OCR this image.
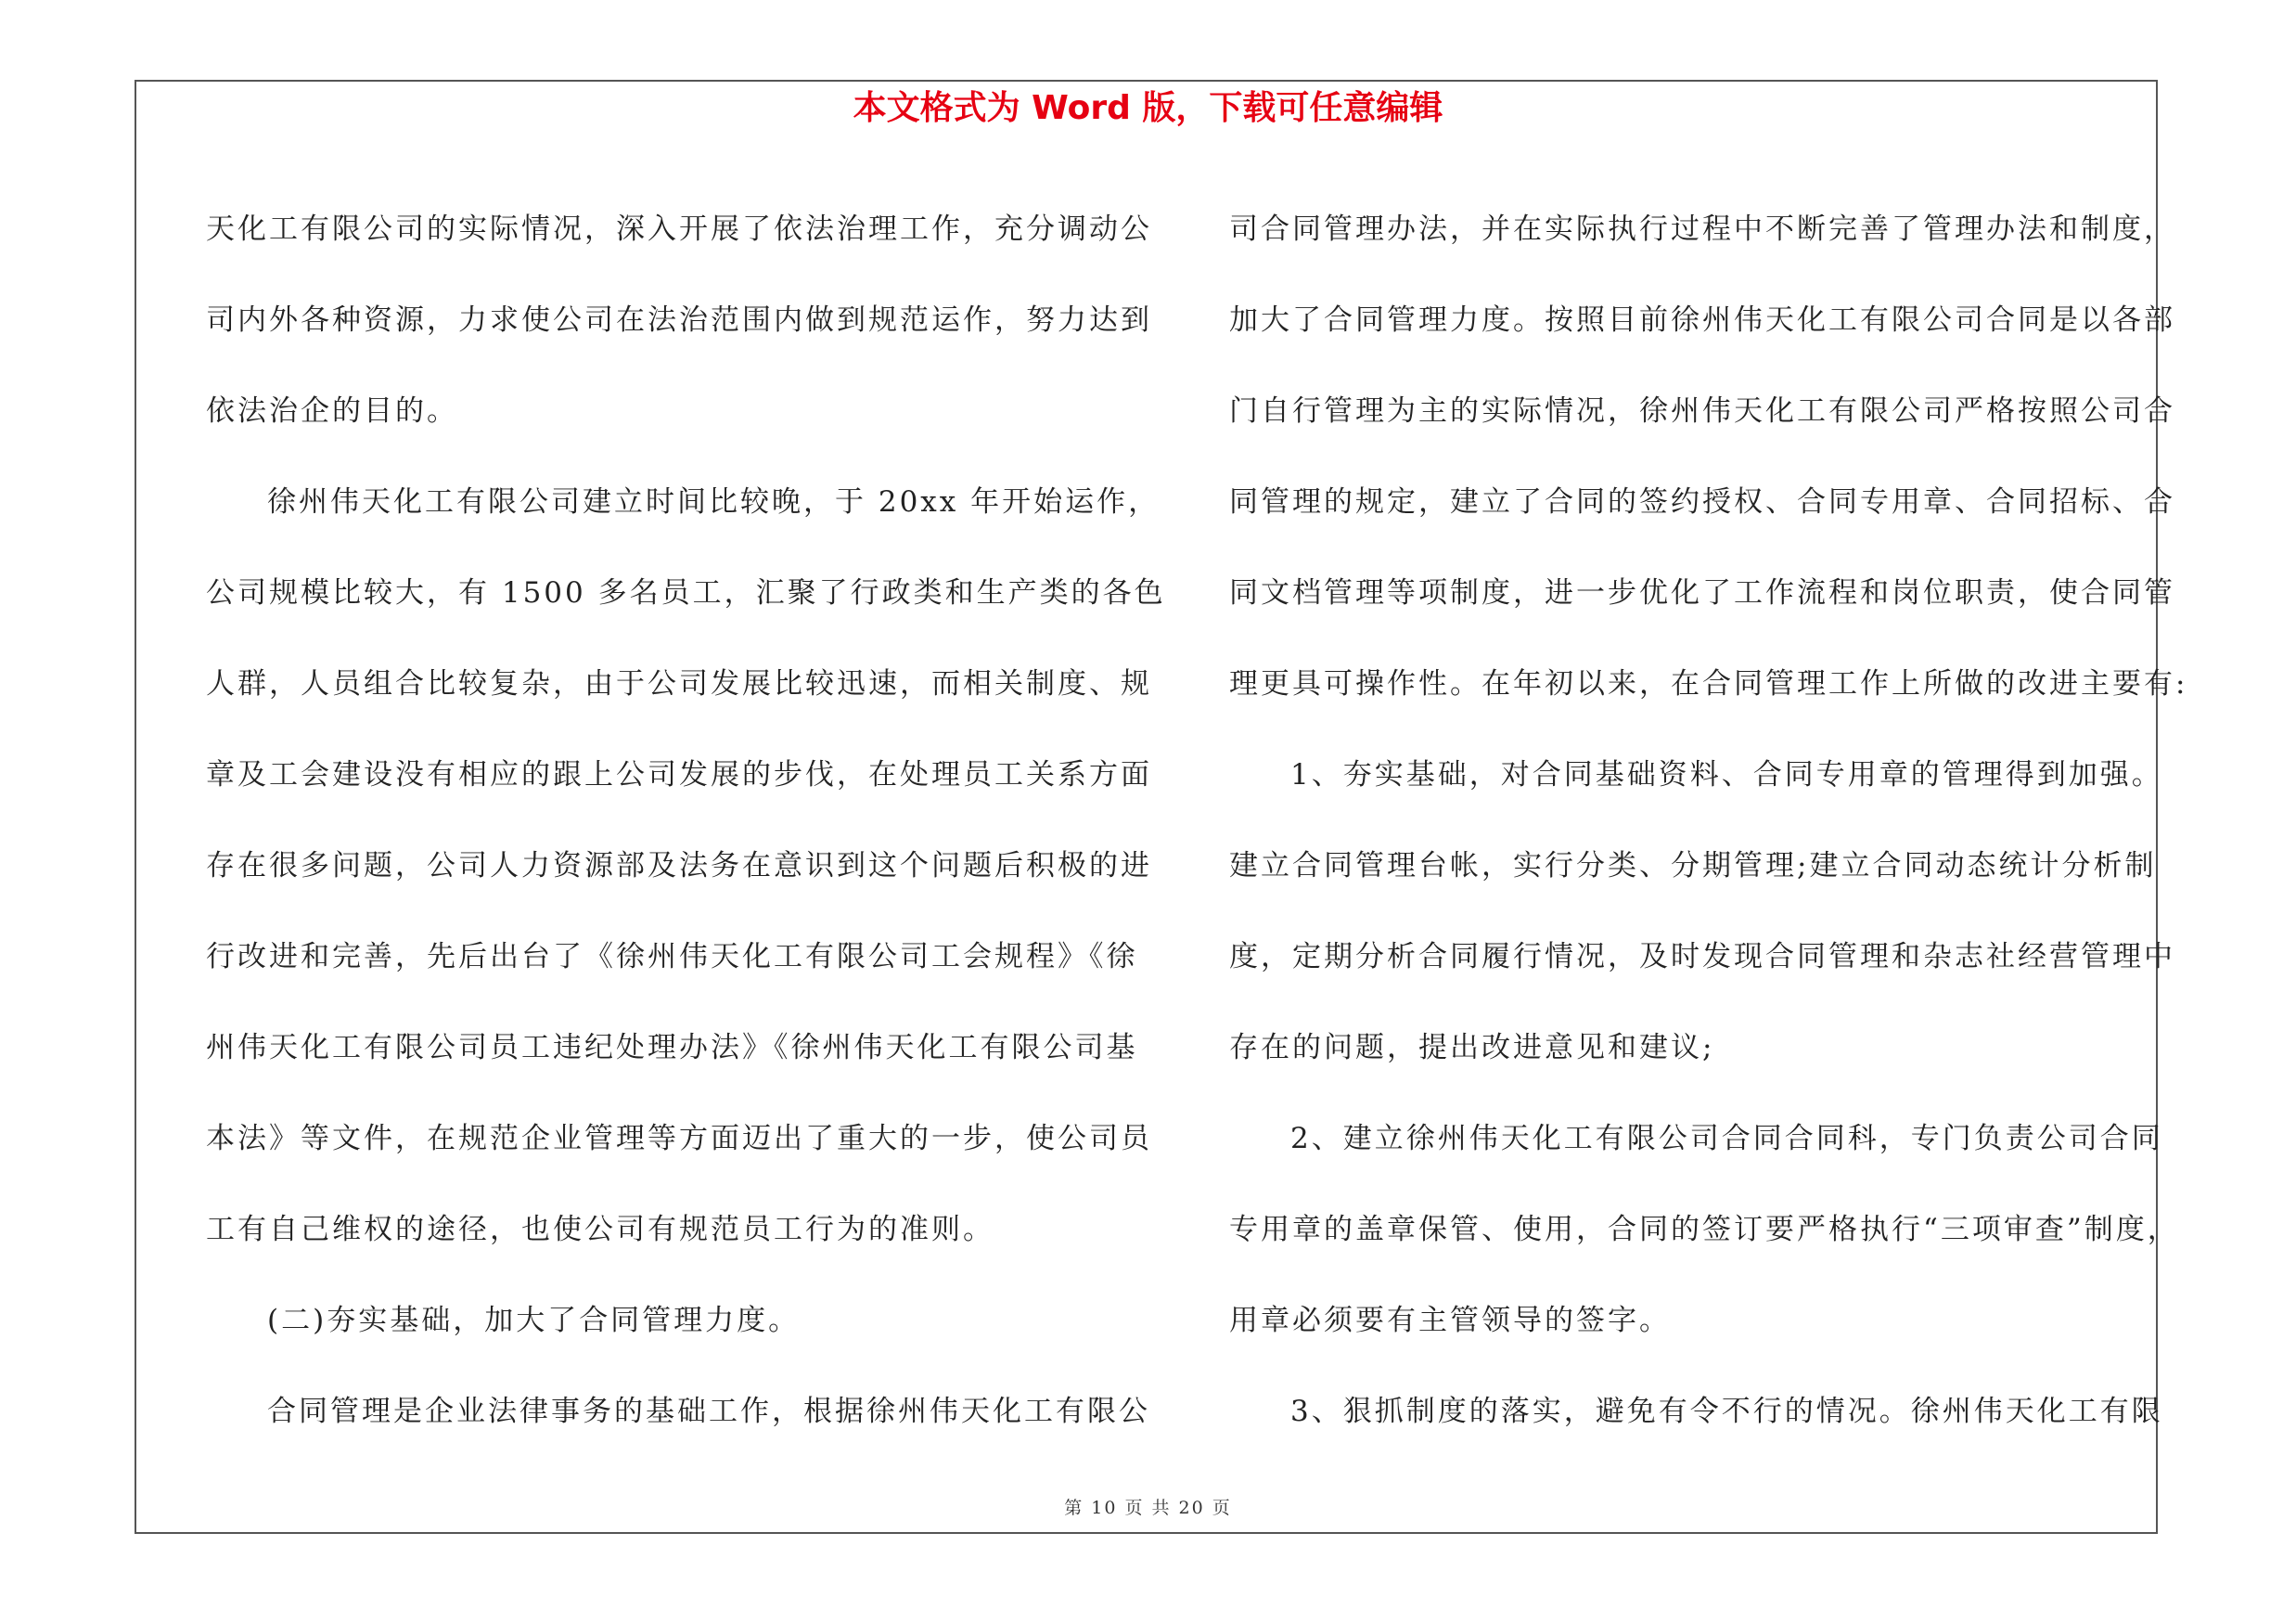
本文格式为 Word 版，下载可任意编辑
天化工有限公司的实际情况，深入开展了依法治理工作，充分调动公
司内外各种资源，力求使公司在法治范围内做到规范运作，努力达到
依法治企的目的。
徐州伟天化工有限公司建立时间比较晚，于 20xx 年开始运作，
公司规模比较大，有 1500 多名员工，汇聚了行政类和生产类的各色
人群，人员组合比较复杂，由于公司发展比较迅速，而相关制度、规
章及工会建设没有相应的跟上公司发展的步伐，在处理员工关系方面
存在很多问题，公司人力资源部及法务在意识到这个问题后积极的进
行改进和完善，先后出台了《徐州伟天化工有限公司工会规程》《徐
州伟天化工有限公司员工违纪处理办法》《徐州伟天化工有限公司基
本法》等文件，在规范企业管理等方面迈出了重大的一步，使公司员
工有自己维权的途径，也使公司有规范员工行为的准则。
(二)夯实基础，加大了合同管理力度。
合同管理是企业法律事务的基础工作，根据徐州伟天化工有限公
司合同管理办法，并在实际执行过程中不断完善了管理办法和制度，
加大了合同管理力度。按照目前徐州伟天化工有限公司合同是以各部
门自行管理为主的实际情况，徐州伟天化工有限公司严格按照公司合
同管理的规定，建立了合同的签约授权、合同专用章、合同招标、合
同文档管理等项制度，进一步优化了工作流程和岗位职责，使合同管
理更具可操作性。在年初以来，在合同管理工作上所做的改进主要有:
1、夯实基础，对合同基础资料、合同专用章的管理得到加强。
建立合同管理台帐，实行分类、分期管理;建立合同动态统计分析制
度，定期分析合同履行情况，及时发现合同管理和杂志社经营管理中
存在的问题，提出改进意见和建议;
2、建立徐州伟天化工有限公司合同合同科，专门负责公司合同
专用章的盖章保管、使用，合同的签订要严格执行“三项审查”制度，
用章必须要有主管领导的签字。
3、狠抓制度的落实，避免有令不行的情况。徐州伟天化工有限
第 10 页 共 20 页
